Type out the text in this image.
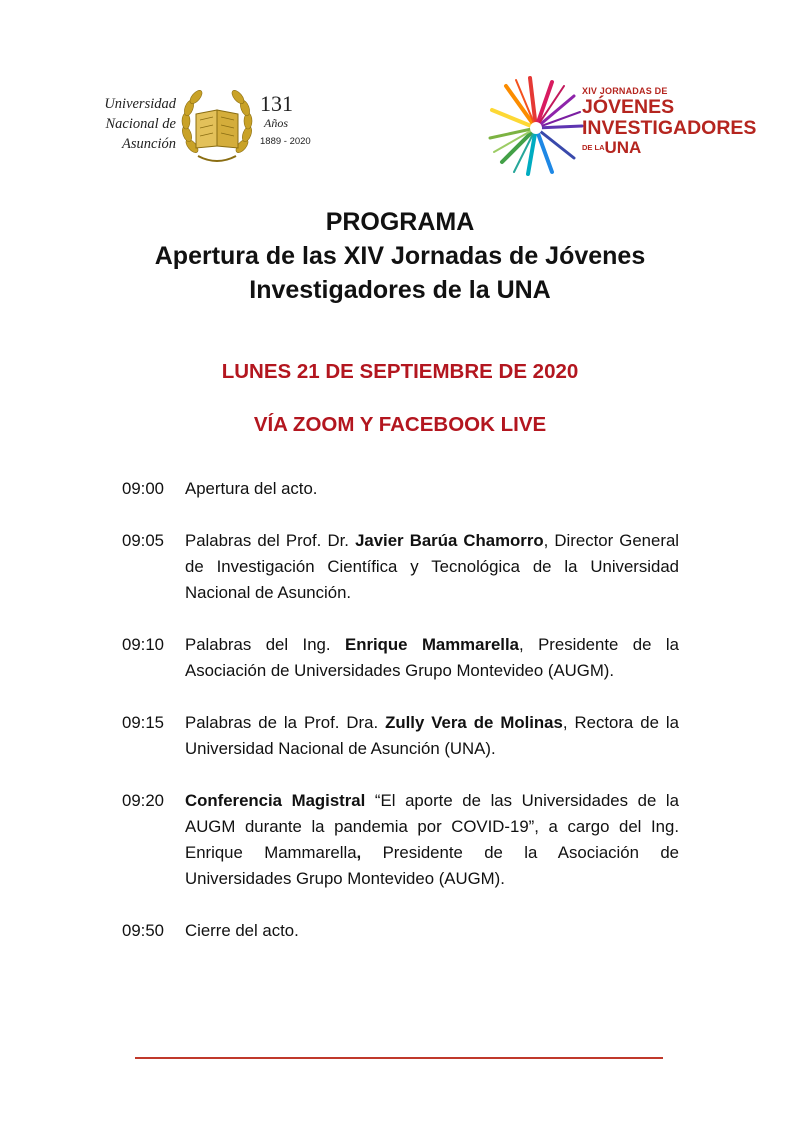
Universidad
Nacional de
Asunción
131
Años
1889 - 2020
XIV JORNADAS DE
JÓVENES
INVESTIGADORES
DE LAUNA
PROGRAMA
Apertura de las XIV Jornadas de Jóvenes
Investigadores de la UNA
LUNES 21 DE SEPTIEMBRE DE 2020
VÍA ZOOM Y FACEBOOK LIVE
09:00 Apertura del acto.
09:05 Palabras del Prof. Dr. Javier Barúa Chamorro, Director General de Investigación Científica y Tecnológica de la Universidad Nacional de Asunción.
09:10 Palabras del Ing. Enrique Mammarella, Presidente de la Asociación de Universidades Grupo Montevideo (AUGM).
09:15 Palabras de la Prof. Dra. Zully Vera de Molinas, Rectora de la Universidad Nacional de Asunción (UNA).
09:20 Conferencia Magistral “El aporte de las Universidades de la AUGM durante la pandemia por COVID-19”, a cargo del Ing. Enrique Mammarella, Presidente de la Asociación de Universidades Grupo Montevideo (AUGM).
09:50 Cierre del acto.
